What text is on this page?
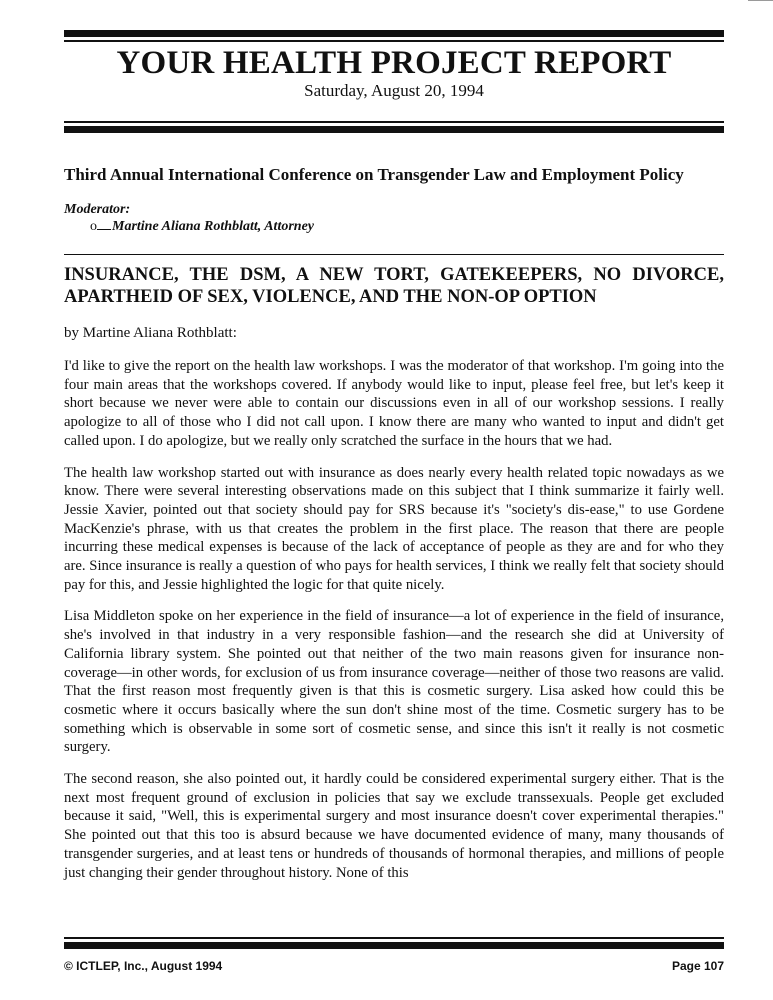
YOUR HEALTH PROJECT REPORT
Saturday, August 20, 1994
Third Annual International Conference on Transgender Law and Employment Policy
Moderator:
o Martine Aliana Rothblatt, Attorney
INSURANCE, THE DSM, A NEW TORT, GATEKEEPERS, NO DIVORCE, APARTHEID OF SEX, VIOLENCE, AND THE NON-OP OPTION
by Martine Aliana Rothblatt:

I'd like to give the report on the health law workshops. I was the moderator of that workshop. I'm going into the four main areas that the workshops covered. If anybody would like to input, please feel free, but let's keep it short because we never were able to contain our discussions even in all of our workshop sessions. I really apologize to all of those who I did not call upon. I know there are many who wanted to input and didn't get called upon. I do apologize, but we really only scratched the surface in the hours that we had.

The health law workshop started out with insurance as does nearly every health related topic nowadays as we know. There were several interesting observations made on this subject that I think summarize it fairly well. Jessie Xavier, pointed out that society should pay for SRS because it's "society's dis-ease," to use Gordene MacKenzie's phrase, with us that creates the problem in the first place. The reason that there are people incurring these medical expenses is because of the lack of acceptance of people as they are and for who they are. Since insurance is really a question of who pays for health services, I think we really felt that society should pay for this, and Jessie highlighted the logic for that quite nicely.

Lisa Middleton spoke on her experience in the field of insurance—a lot of experience in the field of insurance, she's involved in that industry in a very responsible fashion—and the research she did at University of California library system. She pointed out that neither of the two main reasons given for insurance non-coverage—in other words, for exclusion of us from insurance coverage—neither of those two reasons are valid. That the first reason most frequently given is that this is cosmetic surgery. Lisa asked how could this be cosmetic where it occurs basically where the sun don't shine most of the time. Cosmetic surgery has to be something which is observable in some sort of cosmetic sense, and since this isn't it really is not cosmetic surgery.

The second reason, she also pointed out, it hardly could be considered experimental surgery either. That is the next most frequent ground of exclusion in policies that say we exclude transsexuals. People get excluded because it said, "Well, this is experimental surgery and most insurance doesn't cover experimental therapies." She pointed out that this too is absurd because we have documented evidence of many, many thousands of transgender surgeries, and at least tens or hundreds of thousands of hormonal therapies, and millions of people just changing their gender throughout history. None of this

© ICTLEP, Inc., August 1994	Page 107
